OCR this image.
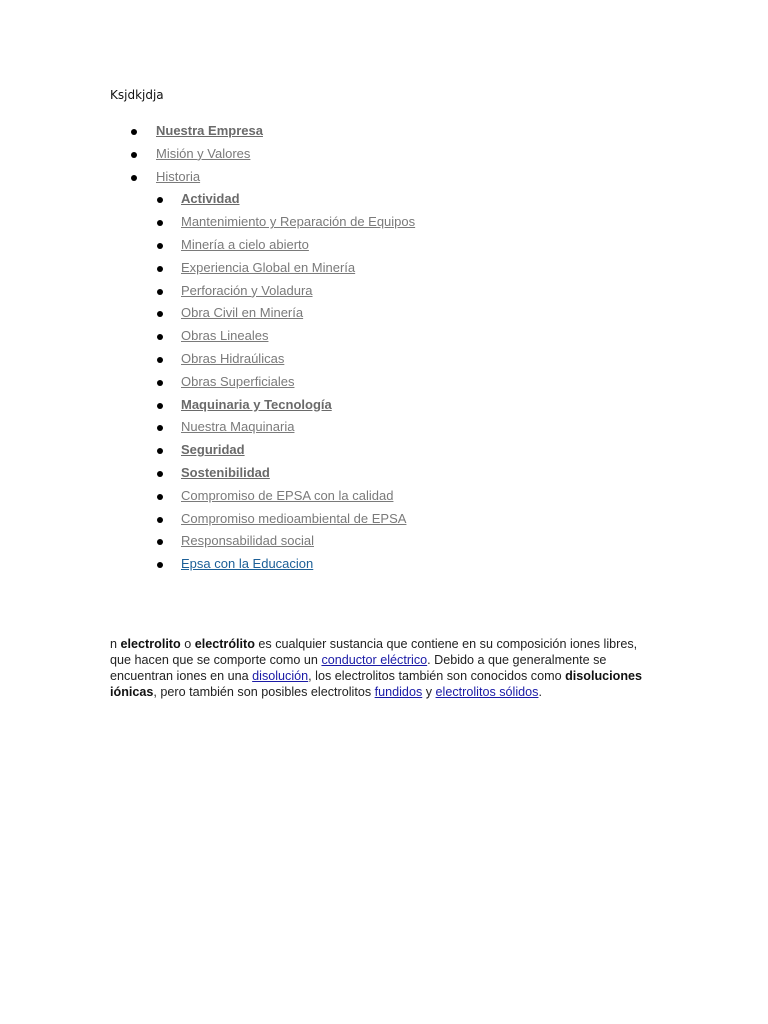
Ksjdkjdja
Nuestra Empresa
Misión y Valores
Historia
Actividad
Mantenimiento y Reparación de Equipos
Minería a cielo abierto
Experiencia Global en Minería
Perforación y Voladura
Obra Civil en Minería
Obras Lineales
Obras Hidraúlicas
Obras Superficiales
Maquinaria y Tecnología
Nuestra Maquinaria
Seguridad
Sostenibilidad
Compromiso de EPSA con la calidad
Compromiso medioambiental de EPSA
Responsabilidad social
Epsa con la Educacion

n electrolito o electrólito es cualquier sustancia que contiene en su composición iones libres, que hacen que se comporte como un conductor eléctrico. Debido a que generalmente se encuentran iones en una disolución, los electrolitos también son conocidos como disoluciones iónicas, pero también son posibles electrolitos fundidos y electrolitos sólidos.
